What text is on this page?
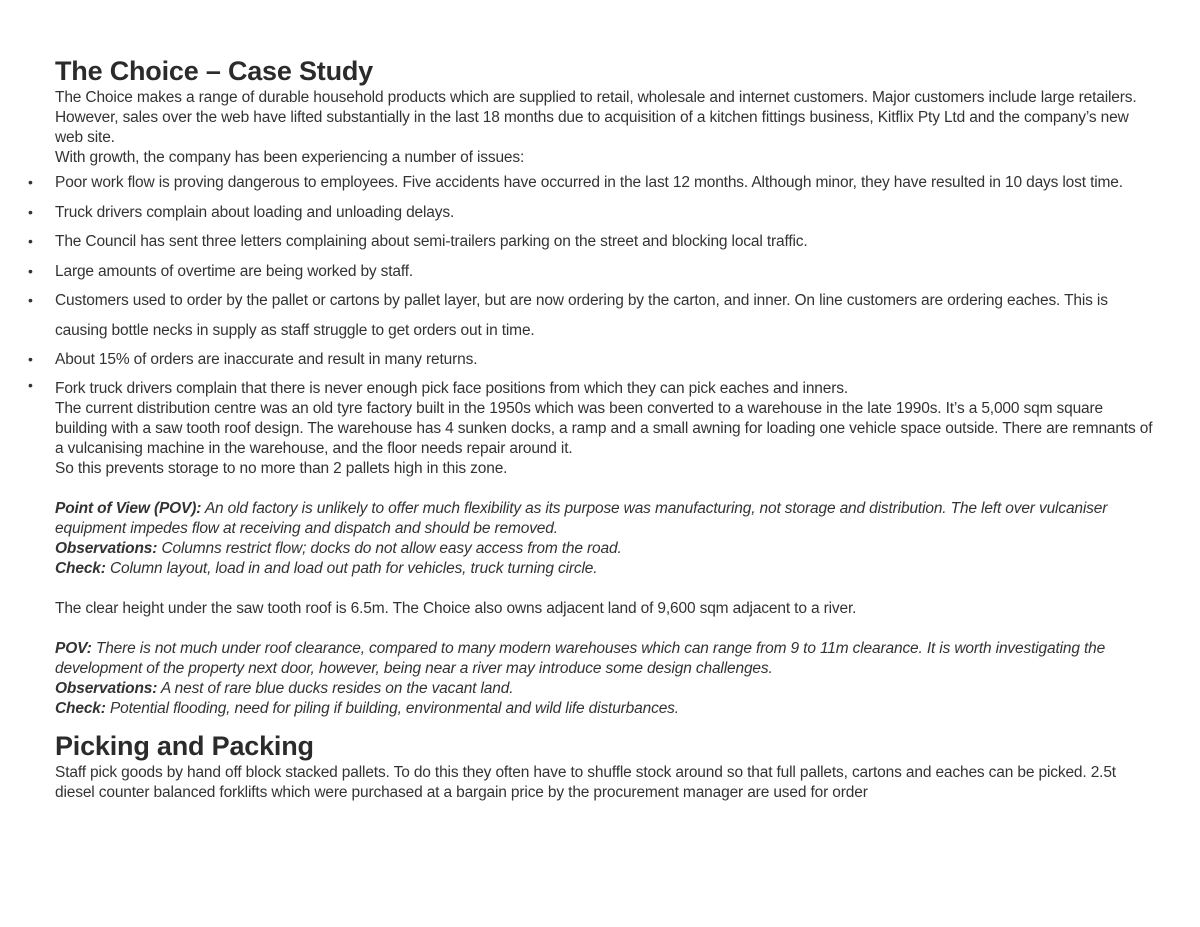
The Choice – Case Study

The Choice makes a range of durable household products which are supplied to retail, wholesale and internet customers. Major customers include large retailers. However, sales over the web have lifted substantially in the last 18 months due to acquisition of a kitchen fittings business, Kitflix Pty Ltd and the company’s new web site.

With growth, the company has been experiencing a number of issues:

• Poor work flow is proving dangerous to employees. Five accidents have occurred in the last 12 months. Although minor, they have resulted in 10 days lost time.
• Truck drivers complain about loading and unloading delays.
• The Council has sent three letters complaining about semi-trailers parking on the street and blocking local traffic.
• Large amounts of overtime are being worked by staff.
• Customers used to order by the pallet or cartons by pallet layer, but are now ordering by the carton, and inner. On line customers are ordering eaches. This is causing bottle necks in supply as staff struggle to get orders out in time.
• About 15% of orders are inaccurate and result in many returns.
• Fork truck drivers complain that there is never enough pick face positions from which they can pick eaches and inners.

The current distribution centre was an old tyre factory built in the 1950s which was been converted to a warehouse in the late 1990s. It’s a 5,000 sqm square building with a saw tooth roof design. The warehouse has 4 sunken docks, a ramp and a small awning for loading one vehicle space outside. There are remnants of a vulcanising machine in the warehouse, and the floor needs repair around it.

So this prevents storage to no more than 2 pallets high in this zone.

Point of View (POV): An old factory is unlikely to offer much flexibility as its purpose was manufacturing, not storage and distribution. The left over vulcaniser equipment impedes flow at receiving and dispatch and should be removed.

Observations: Columns restrict flow; docks do not allow easy access from the road.

Check: Column layout, load in and load out path for vehicles, truck turning circle.

The clear height under the saw tooth roof is 6.5m. The Choice also owns adjacent land of 9,600 sqm adjacent to a river.

POV: There is not much under roof clearance, compared to many modern warehouses which can range from 9 to 11m clearance. It is worth investigating the development of the property next door, however, being near a river may introduce some design challenges.

Observations: A nest of rare blue ducks resides on the vacant land.

Check: Potential flooding, need for piling if building, environmental and wild life disturbances.

Picking and Packing

Staff pick goods by hand off block stacked pallets. To do this they often have to shuffle stock around so that full pallets, cartons and eaches can be picked. 2.5t diesel counter balanced forklifts which were purchased at a bargain price by the procurement manager are used for order
